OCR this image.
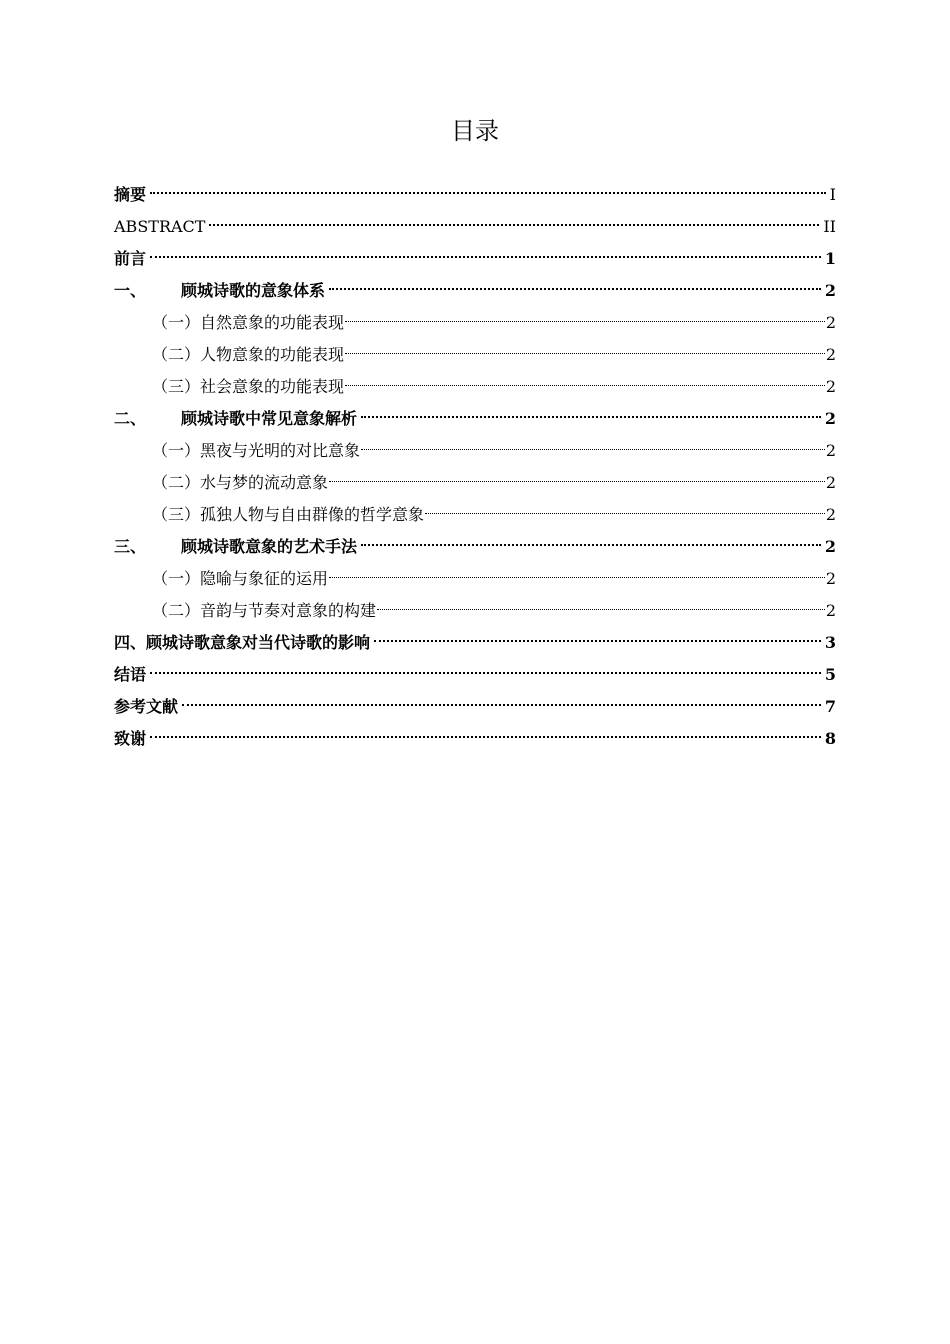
目录
摘要	I
ABSTRACT	II
前言	1
一、	顾城诗歌的意象体系	2
（一）自然意象的功能表现	2
（二）人物意象的功能表现	2
（三）社会意象的功能表现	2
二、	顾城诗歌中常见意象解析	2
（一）黑夜与光明的对比意象	2
（二）水与梦的流动意象	2
（三）孤独人物与自由群像的哲学意象	2
三、	顾城诗歌意象的艺术手法	2
（一）隐喻与象征的运用	2
（二）音韵与节奏对意象的构建	2
四、顾城诗歌意象对当代诗歌的影响	3
结语	5
参考文献	7
致谢	8
